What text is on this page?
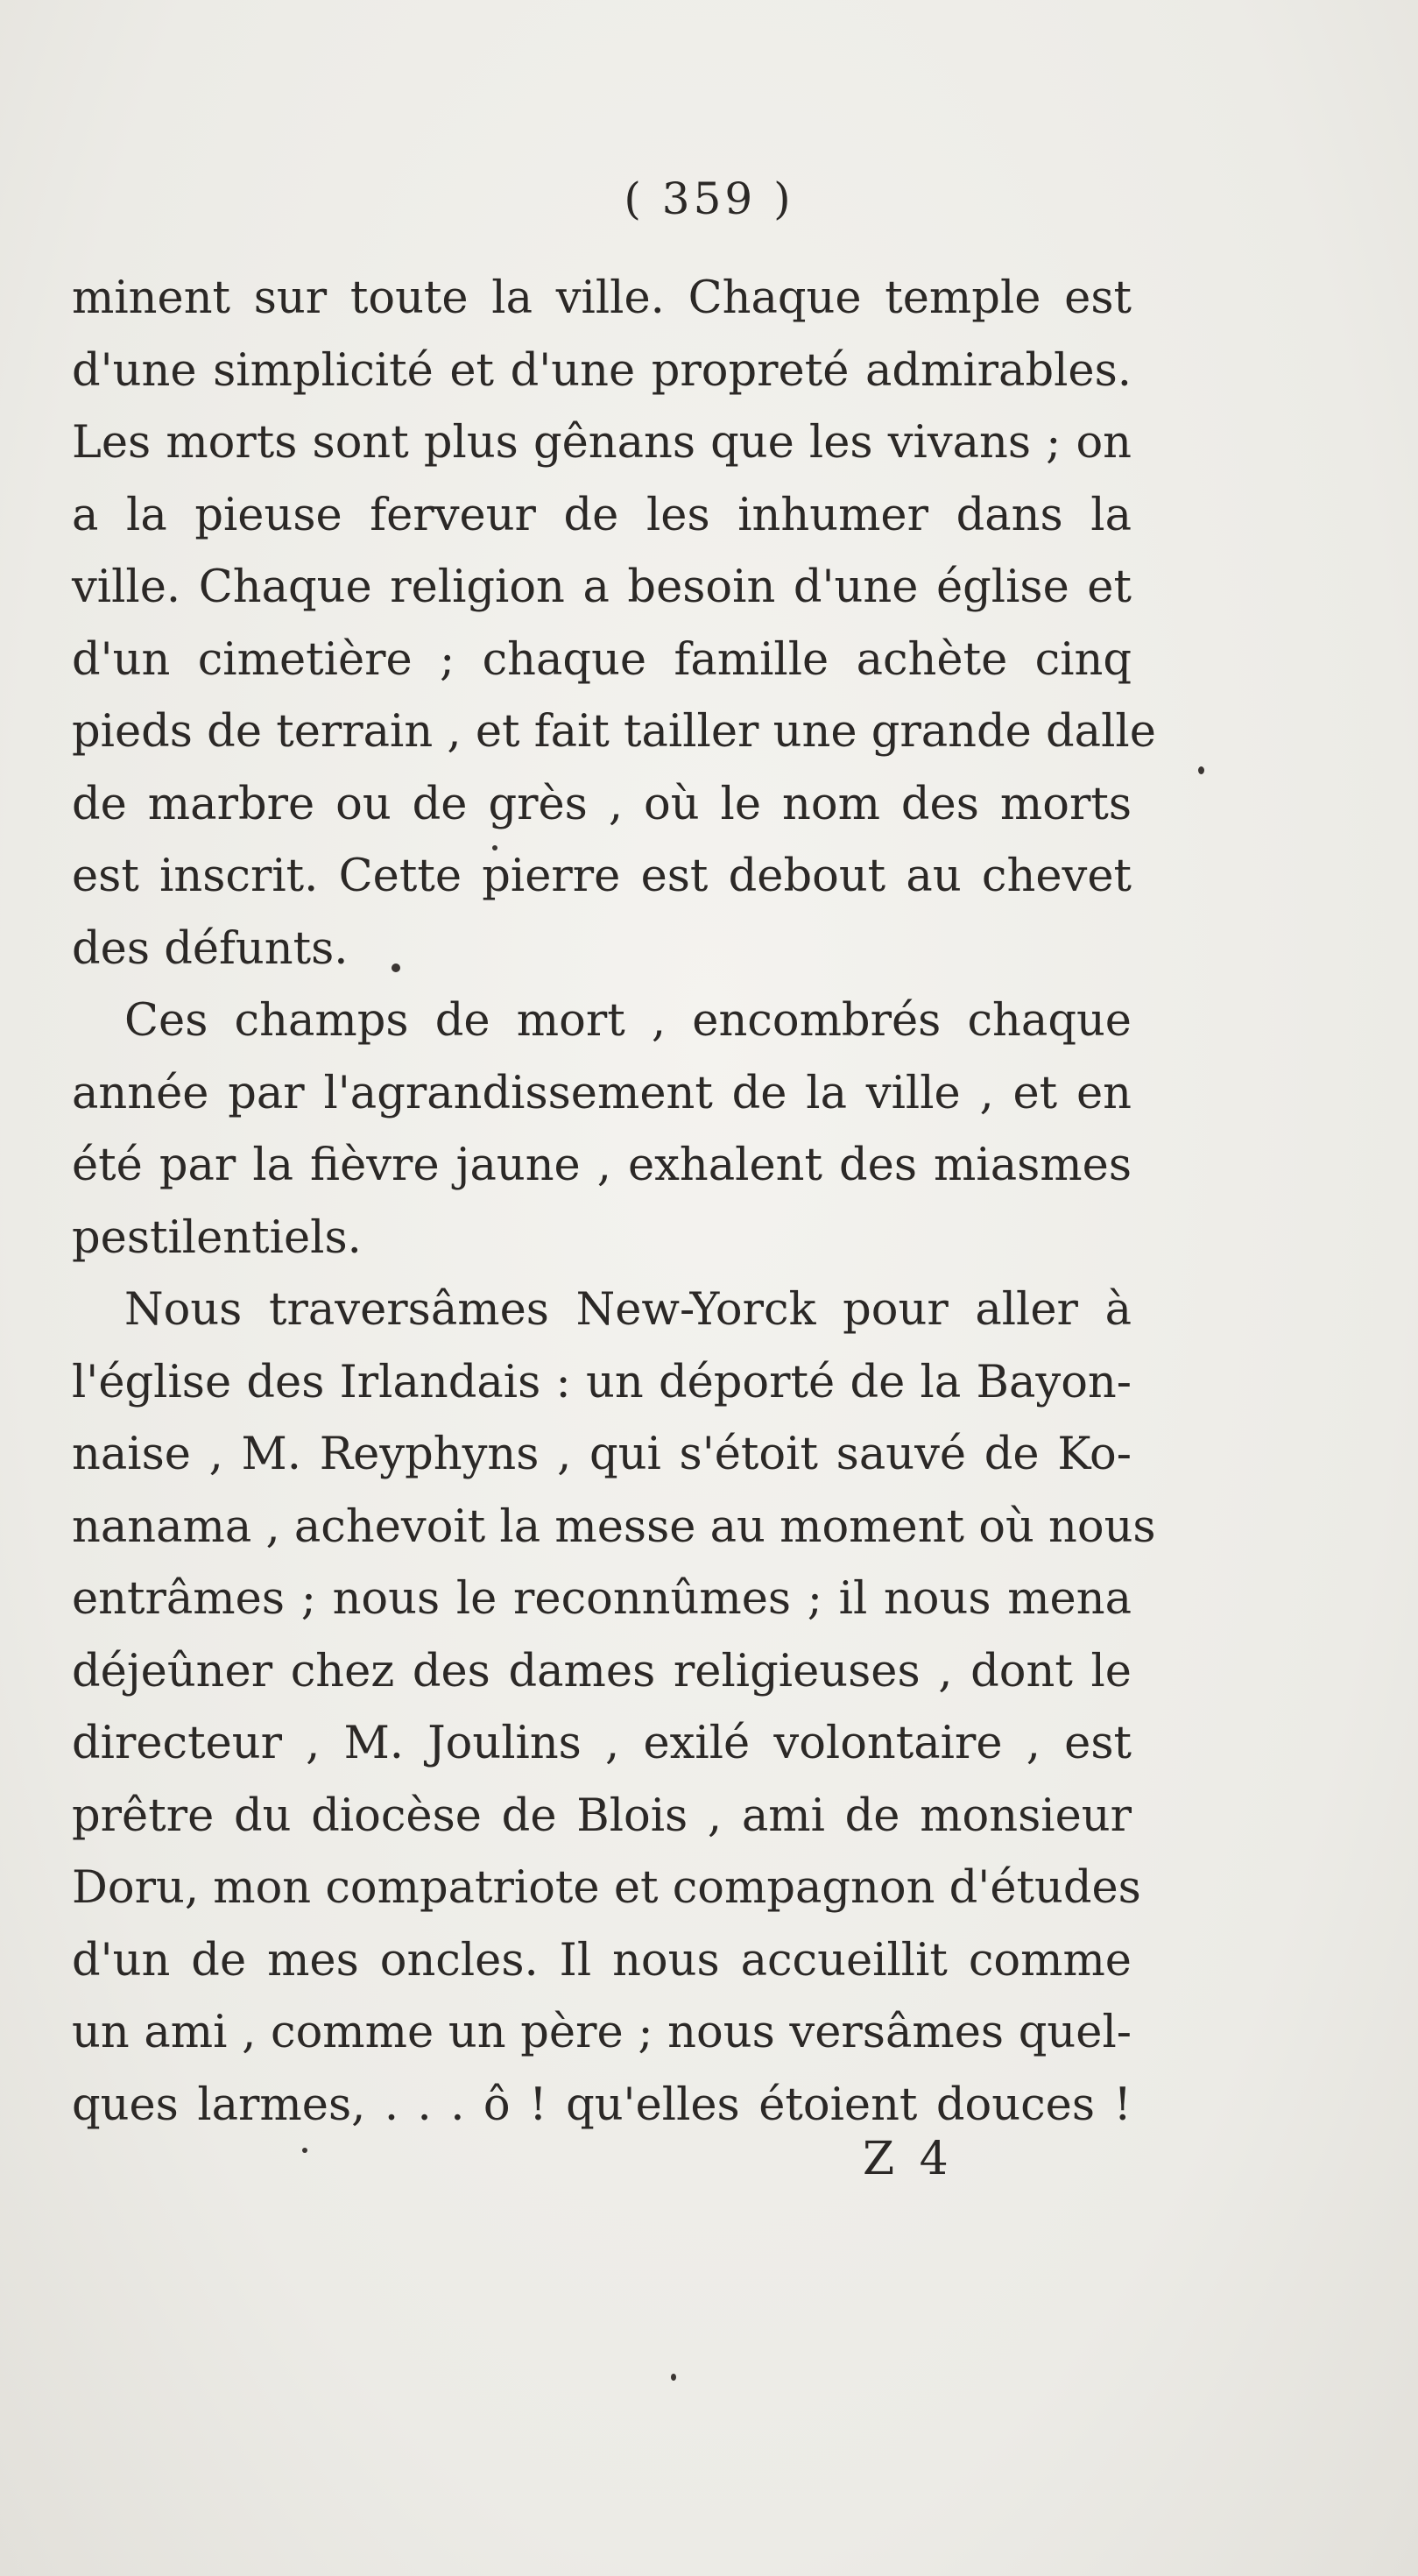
( 359 )
minent sur toute la ville. Chaque temple est
d'une simplicité et d'une propreté admirables.
Les morts sont plus gênans que les vivans ; on
a la pieuse ferveur de les inhumer dans la
ville. Chaque religion a besoin d'une église et
d'un cimetière ; chaque famille achète cinq
pieds de terrain , et fait tailler une grande dalle
de marbre ou de grès , où le nom des morts
est inscrit. Cette pierre est debout au chevet
des défunts.
Ces champs de mort , encombrés chaque
année par l'agrandissement de la ville , et en
été par la fièvre jaune , exhalent des miasmes
pestilentiels.
Nous traversâmes New-Yorck pour aller à
l'église des Irlandais : un déporté de la Bayon-
naise , M. Reyphyns , qui s'étoit sauvé de Ko-
nanama , achevoit la messe au moment où nous
entrâmes ; nous le reconnûmes ; il nous mena
déjeûner chez des dames religieuses , dont le
directeur , M. Joulins , exilé volontaire , est
prêtre du diocèse de Blois , ami de monsieur
Doru, mon compatriote et compagnon d'études
d'un de mes oncles. Il nous accueillit comme
un ami , comme un père ; nous versâmes quel-
ques larmes, . . . ô ! qu'elles étoient douces !
Z 4
